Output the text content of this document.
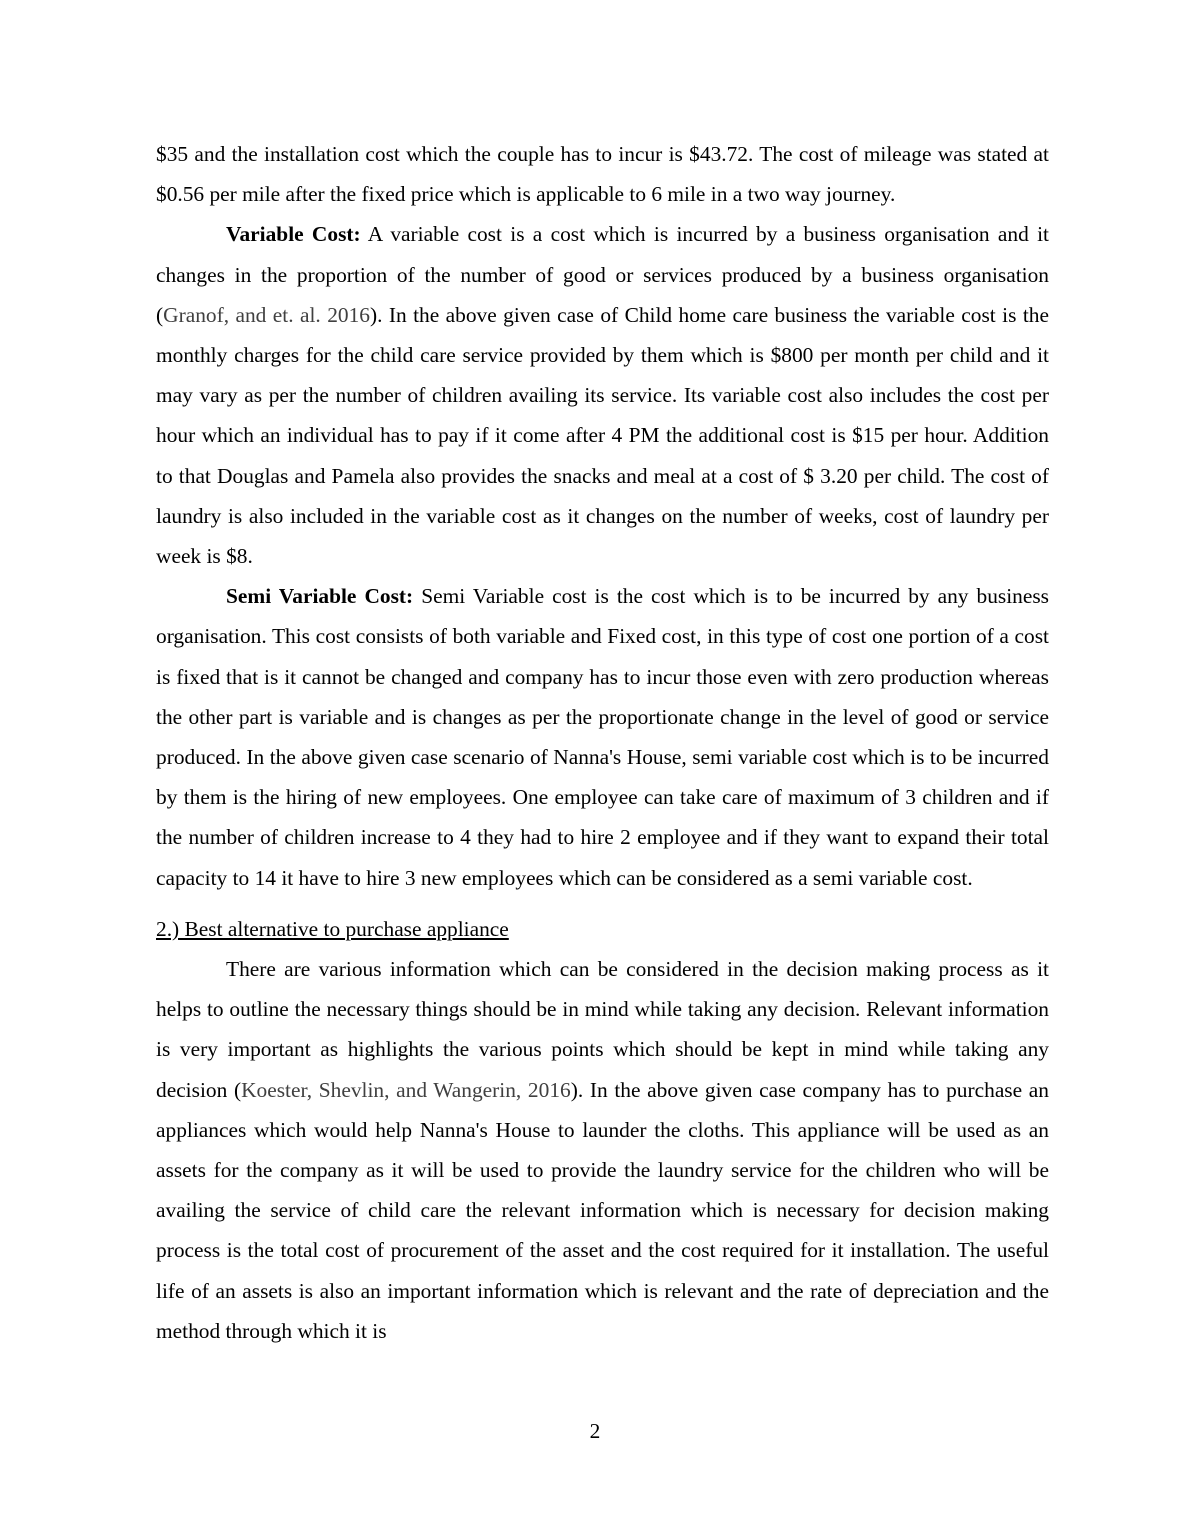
$35 and the installation cost which the couple has to incur is $43.72. The cost of mileage was stated at $0.56 per mile after the fixed price which is applicable to 6 mile in a two way journey.

Variable Cost: A variable cost is a cost which is incurred by a business organisation and it changes in the proportion of the number of good or services produced by a business organisation (Granof, and et. al. 2016). In the above given case of Child home care business the variable cost is the monthly charges for the child care service provided by them which is $800 per month per child and it may vary as per the number of children availing its service. Its variable cost also includes the cost per hour which an individual has to pay if it come after 4 PM the additional cost is $15 per hour. Addition to that Douglas and Pamela also provides the snacks and meal at a cost of $ 3.20 per child. The cost of laundry is also included in the variable cost as it changes on the number of weeks, cost of laundry per week is $8.

Semi Variable Cost: Semi Variable cost is the cost which is to be incurred by any business organisation. This cost consists of both variable and Fixed cost, in this type of cost one portion of a cost is fixed that is it cannot be changed and company has to incur those even with zero production whereas the other part is variable and is changes as per the proportionate change in the level of good or service produced. In the above given case scenario of Nanna's House, semi variable cost which is to be incurred by them is the hiring of new employees. One employee can take care of maximum of 3 children and if the number of children increase to 4 they had to hire 2 employee and if they want to expand their total capacity to 14 it have to hire 3 new employees which can be considered as a semi variable cost.

2.) Best alternative to purchase appliance

There are various information which can be considered in the decision making process as it helps to outline the necessary things should be in mind while taking any decision. Relevant information is very important as highlights the various points which should be kept in mind while taking any decision (Koester, Shevlin, and Wangerin, 2016). In the above given case company has to purchase an appliances which would help Nanna's House to launder the cloths. This appliance will be used as an assets for the company as it will be used to provide the laundry service for the children who will be availing the service of child care the relevant information which is necessary for decision making process is the total cost of procurement of the asset and the cost required for it installation. The useful life of an assets is also an important information which is relevant and the rate of depreciation and the method through which it is

2
